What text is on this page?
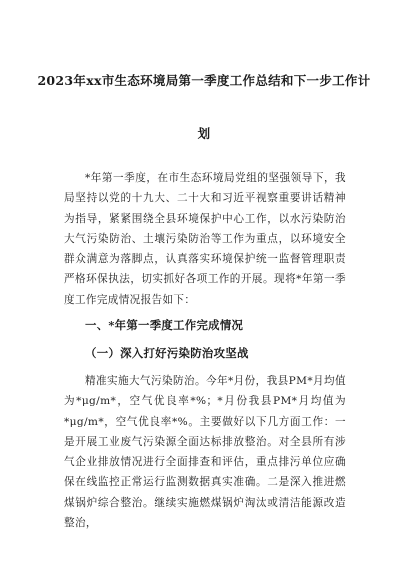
2023年xx市生态环境局第一季度工作总结和下一步工作计
划

*年第一季度，在市生态环境局党组的坚强领导下，我局坚持以党的十九大、二十大和习近平视察重要讲话精神为指导，紧紧围绕全县环境保护中心工作，以水污染防治大气污染防治、土壤污染防治等工作为重点，以环境安全群众满意为落脚点，认真落实环境保护统一监督管理职责严格环保执法，切实抓好各项工作的开展。现将*年第一季度工作完成情况报告如下：

一、*年第一季度工作完成情况
（一）深入打好污染防治攻坚战

精准实施大气污染防治。今年*月份，我县PM*月均值为*μg/m*，空气优良率*%；*月份我县PM*月均值为*μg/m*，空气优良率*%。主要做好以下几方面工作：一是开展工业废气污染源全面达标排放整治。对全县所有涉气企业排放情况进行全面排查和评估，重点排污单位应确保在线监控正常运行监测数据真实准确。二是深入推进燃煤锅炉综合整治。继续实施燃煤锅炉淘汰或清洁能源改造整治，
